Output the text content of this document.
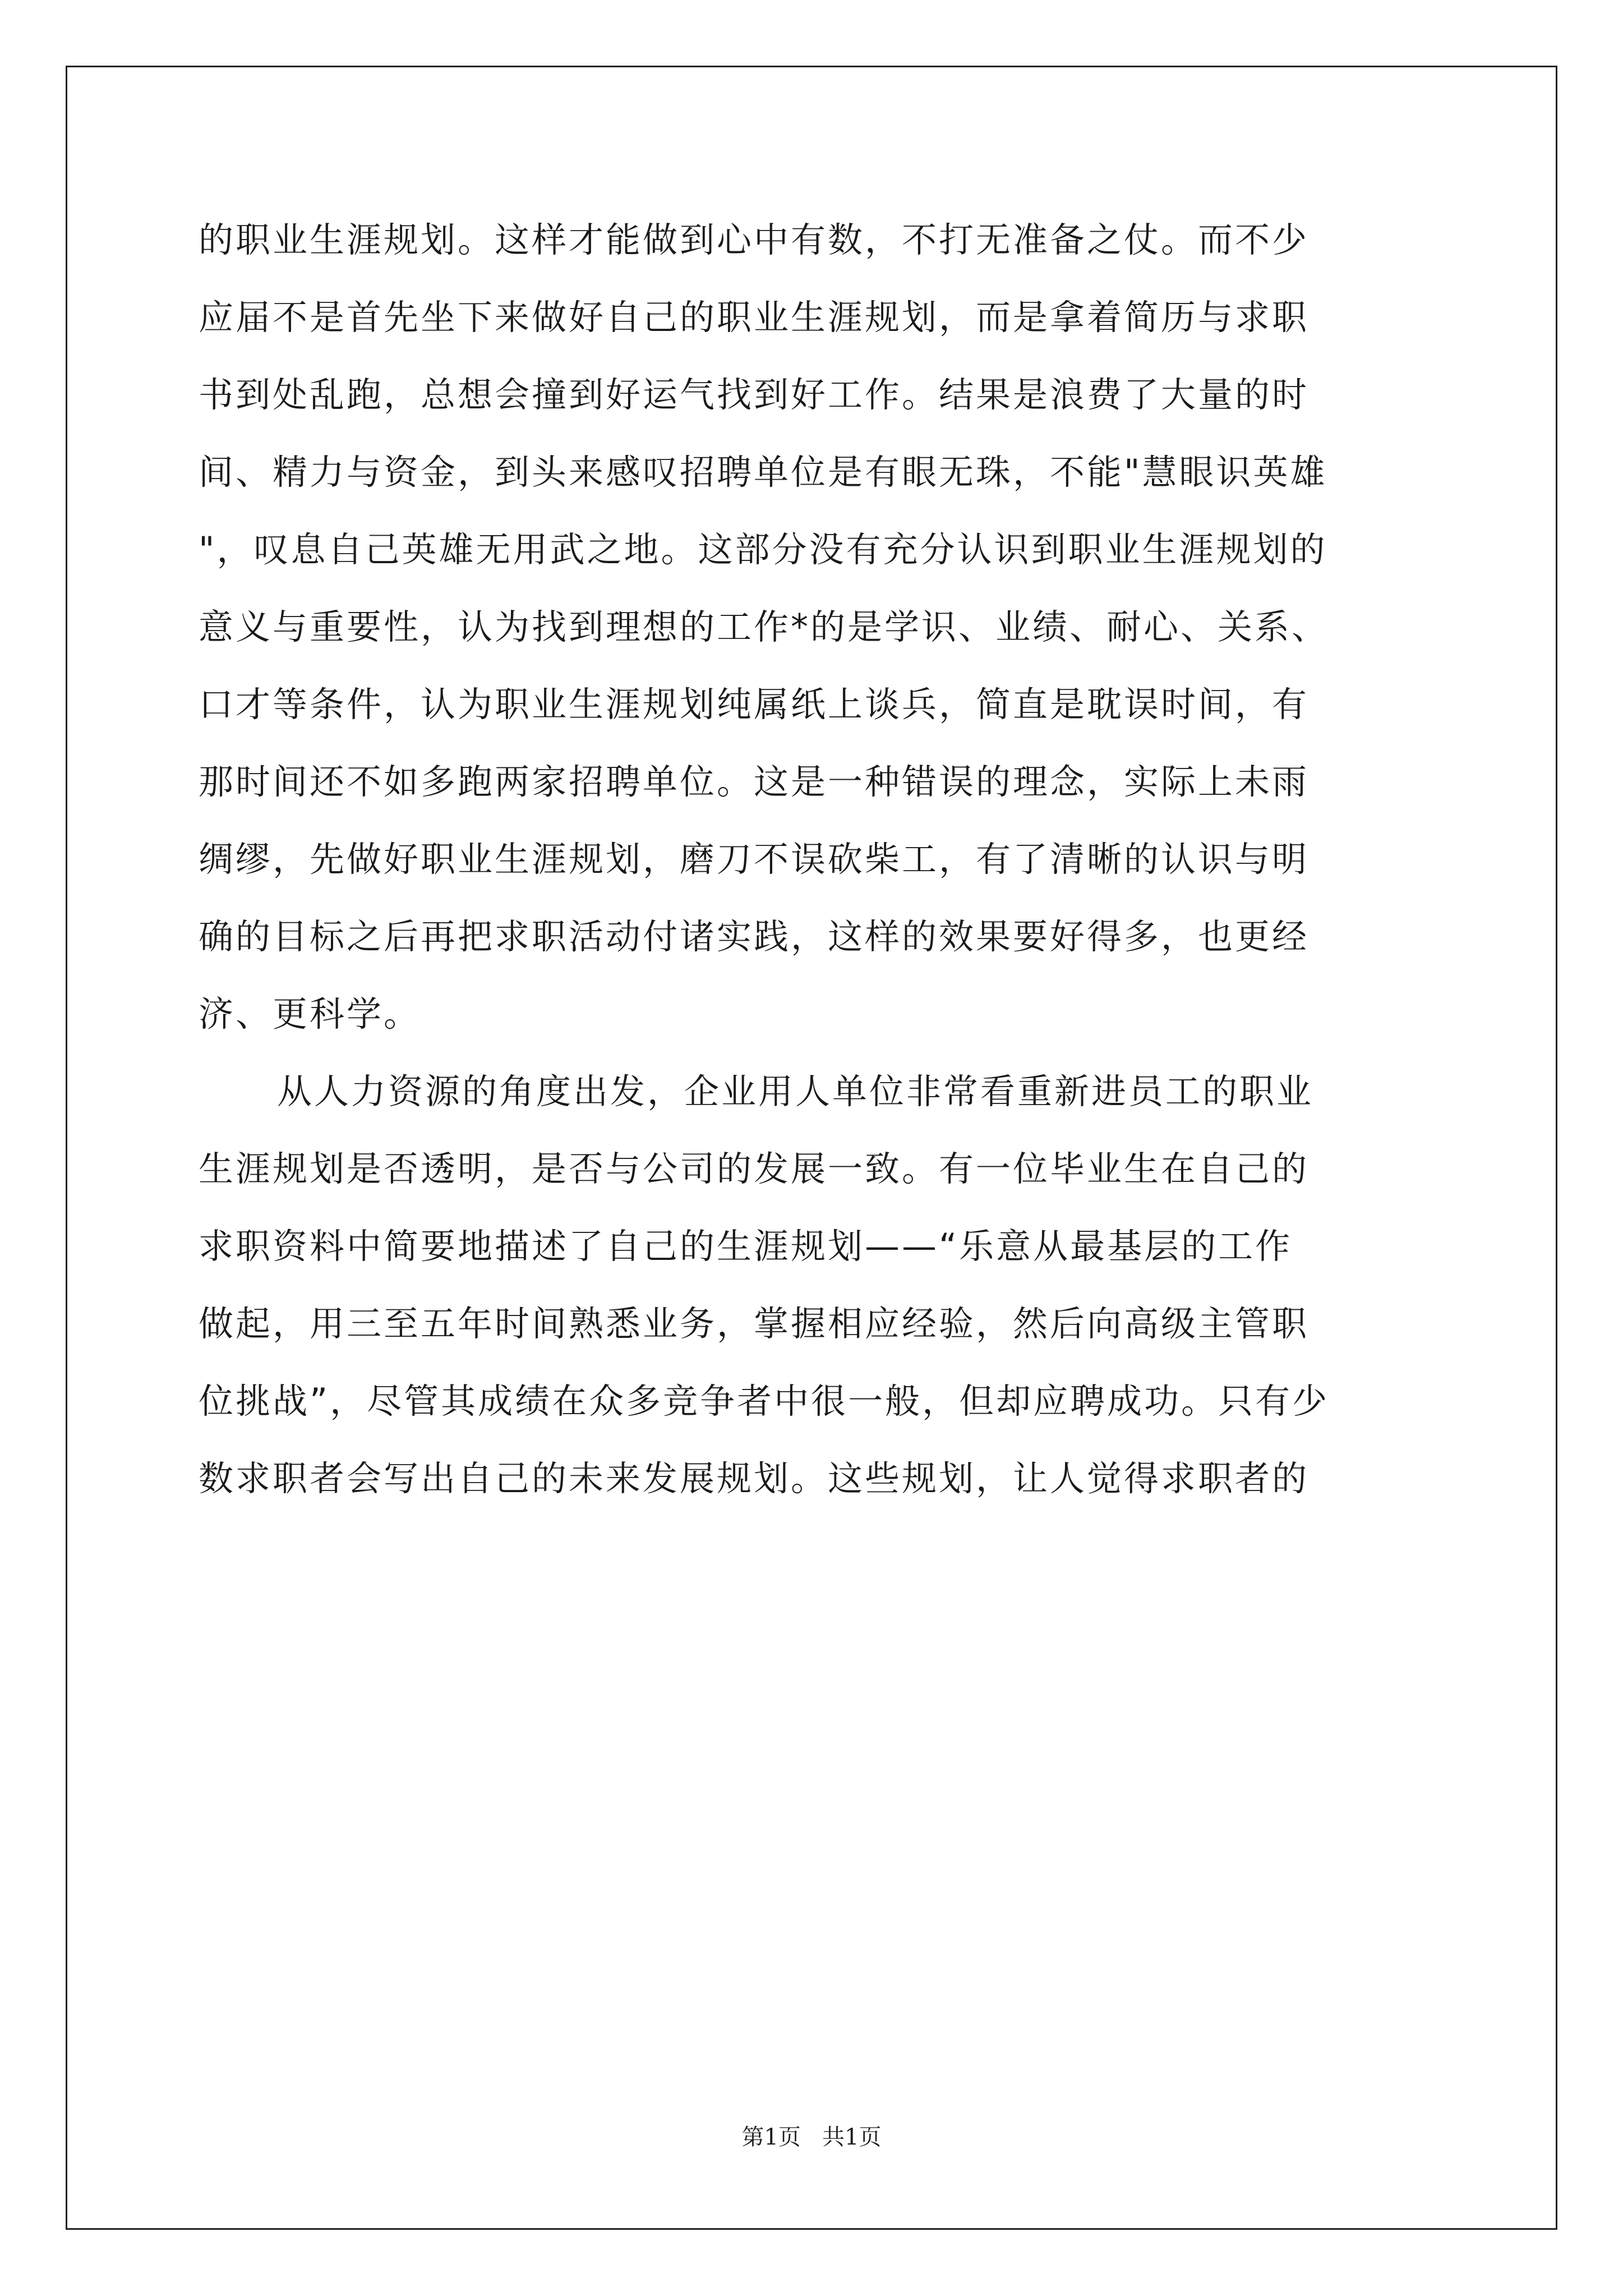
的职业生涯规划。这样才能做到心中有数，不打无准备之仗。而不少
应届不是首先坐下来做好自己的职业生涯规划，而是拿着简历与求职
书到处乱跑，总想会撞到好运气找到好工作。结果是浪费了大量的时
间、精力与资金，到头来感叹招聘单位是有眼无珠，不能"慧眼识英雄
"，叹息自己英雄无用武之地。这部分没有充分认识到职业生涯规划的
意义与重要性，认为找到理想的工作*的是学识、业绩、耐心、关系、
口才等条件，认为职业生涯规划纯属纸上谈兵，简直是耽误时间，有
那时间还不如多跑两家招聘单位。这是一种错误的理念，实际上未雨
绸缪，先做好职业生涯规划，磨刀不误砍柴工，有了清晰的认识与明
确的目标之后再把求职活动付诸实践，这样的效果要好得多，也更经
济、更科学。
从人力资源的角度出发，企业用人单位非常看重新进员工的职业
生涯规划是否透明，是否与公司的发展一致。有一位毕业生在自己的
求职资料中简要地描述了自己的生涯规划——“乐意从最基层的工作
做起，用三至五年时间熟悉业务，掌握相应经验，然后向高级主管职
位挑战”，尽管其成绩在众多竞争者中很一般，但却应聘成功。只有少
数求职者会写出自己的未来发展规划。这些规划，让人觉得求职者的
第1页   共1页
